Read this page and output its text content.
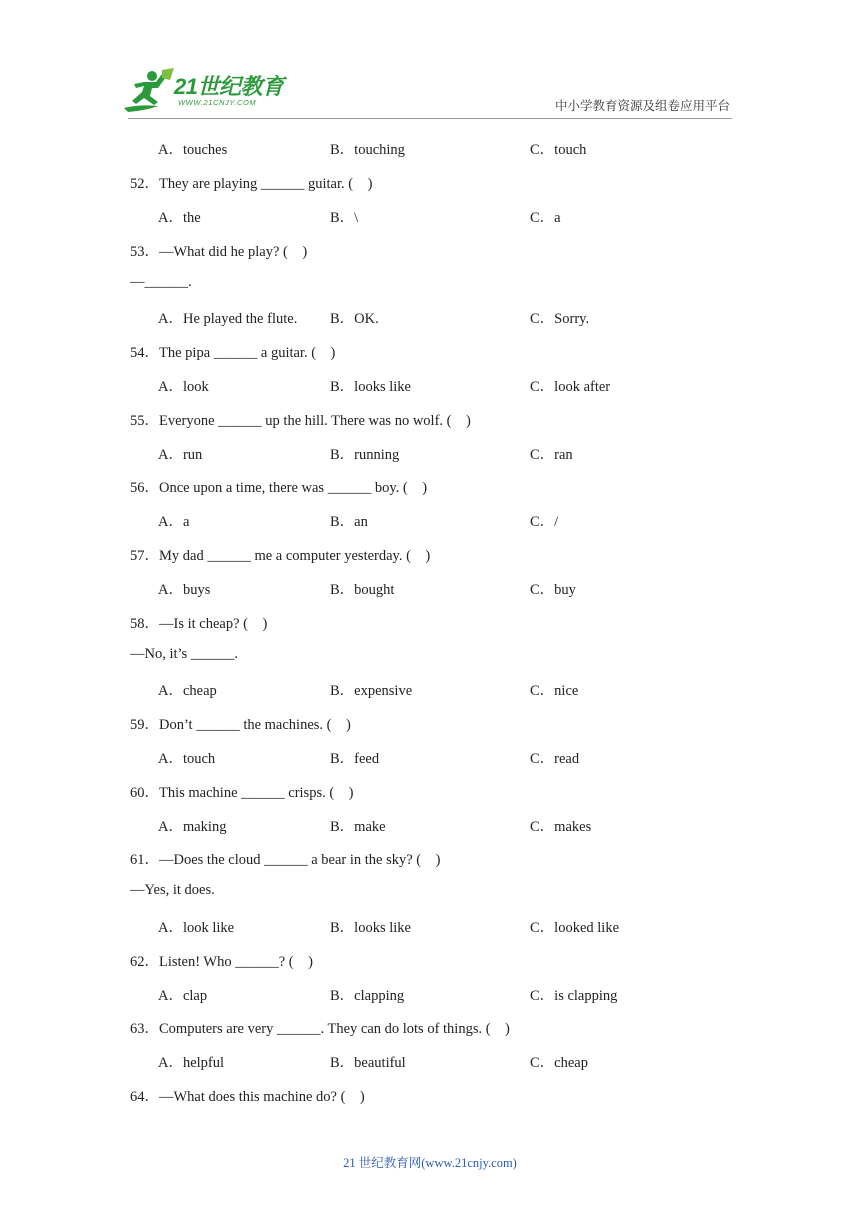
21世纪教育
WWW.21CNJY.COM	中小学教育资源及组卷应用平台
A．touches	B．touching	C．touch
52．They are playing ______ guitar. (　)
A．the	B．\	C．a
53．—What did he play? (　)
—______.
A．He played the flute. B．OK.	C．Sorry.
54．The pipa ______ a guitar. (　)
A．look	B．looks like	C．look after
55．Everyone ______ up the hill. There was no wolf. (　)
A．run	B．running	C．ran
56．Once upon a time, there was ______ boy. (　)
A．a	B．an	C．/
57．My dad ______ me a computer yesterday. (　)
A．buys	B．bought	C．buy
58．—Is it cheap? (　)
—No, it’s ______.
A．cheap	B．expensive	C．nice
59．Don’t ______ the machines. (　)
A．touch	B．feed	C．read
60．This machine ______ crisps. (　)
A．making	B．make	C．makes
61．—Does the cloud ______ a bear in the sky? (　)
—Yes, it does.
A．look like	B．looks like	C．looked like
62．Listen! Who ______? (　)
A．clap	B．clapping	C．is clapping
63．Computers are very ______. They can do lots of things. (　)
A．helpful	B．beautiful	C．cheap
64．—What does this machine do? (　)
21 世纪教育网(www.21cnjy.com)
